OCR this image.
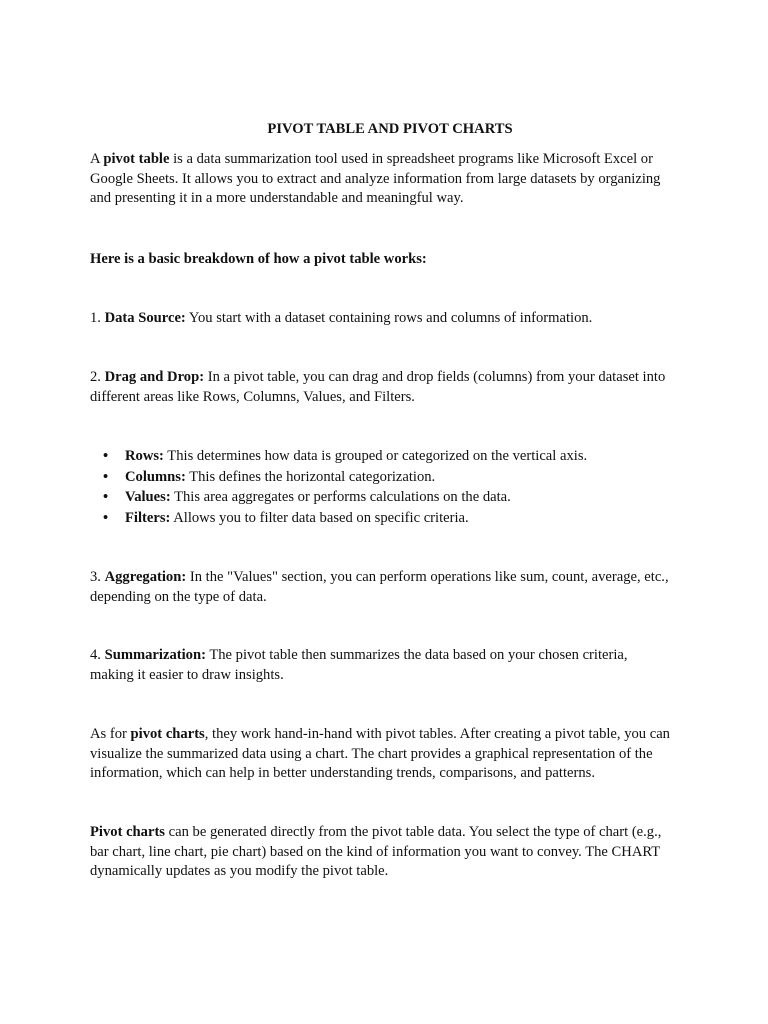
PIVOT TABLE AND PIVOT CHARTS

A pivot table is a data summarization tool used in spreadsheet programs like Microsoft Excel or Google Sheets. It allows you to extract and analyze information from large datasets by organizing and presenting it in a more understandable and meaningful way.

Here is a basic breakdown of how a pivot table works:

1. Data Source: You start with a dataset containing rows and columns of information.

2. Drag and Drop: In a pivot table, you can drag and drop fields (columns) from your dataset into different areas like Rows, Columns, Values, and Filters.

• Rows: This determines how data is grouped or categorized on the vertical axis.
• Columns: This defines the horizontal categorization.
• Values: This area aggregates or performs calculations on the data.
• Filters: Allows you to filter data based on specific criteria.

3. Aggregation: In the "Values" section, you can perform operations like sum, count, average, etc., depending on the type of data.

4. Summarization: The pivot table then summarizes the data based on your chosen criteria, making it easier to draw insights.

As for pivot charts, they work hand-in-hand with pivot tables. After creating a pivot table, you can visualize the summarized data using a chart. The chart provides a graphical representation of the information, which can help in better understanding trends, comparisons, and patterns.

Pivot charts can be generated directly from the pivot table data. You select the type of chart (e.g., bar chart, line chart, pie chart) based on the kind of information you want to convey. The CHART dynamically updates as you modify the pivot table.
